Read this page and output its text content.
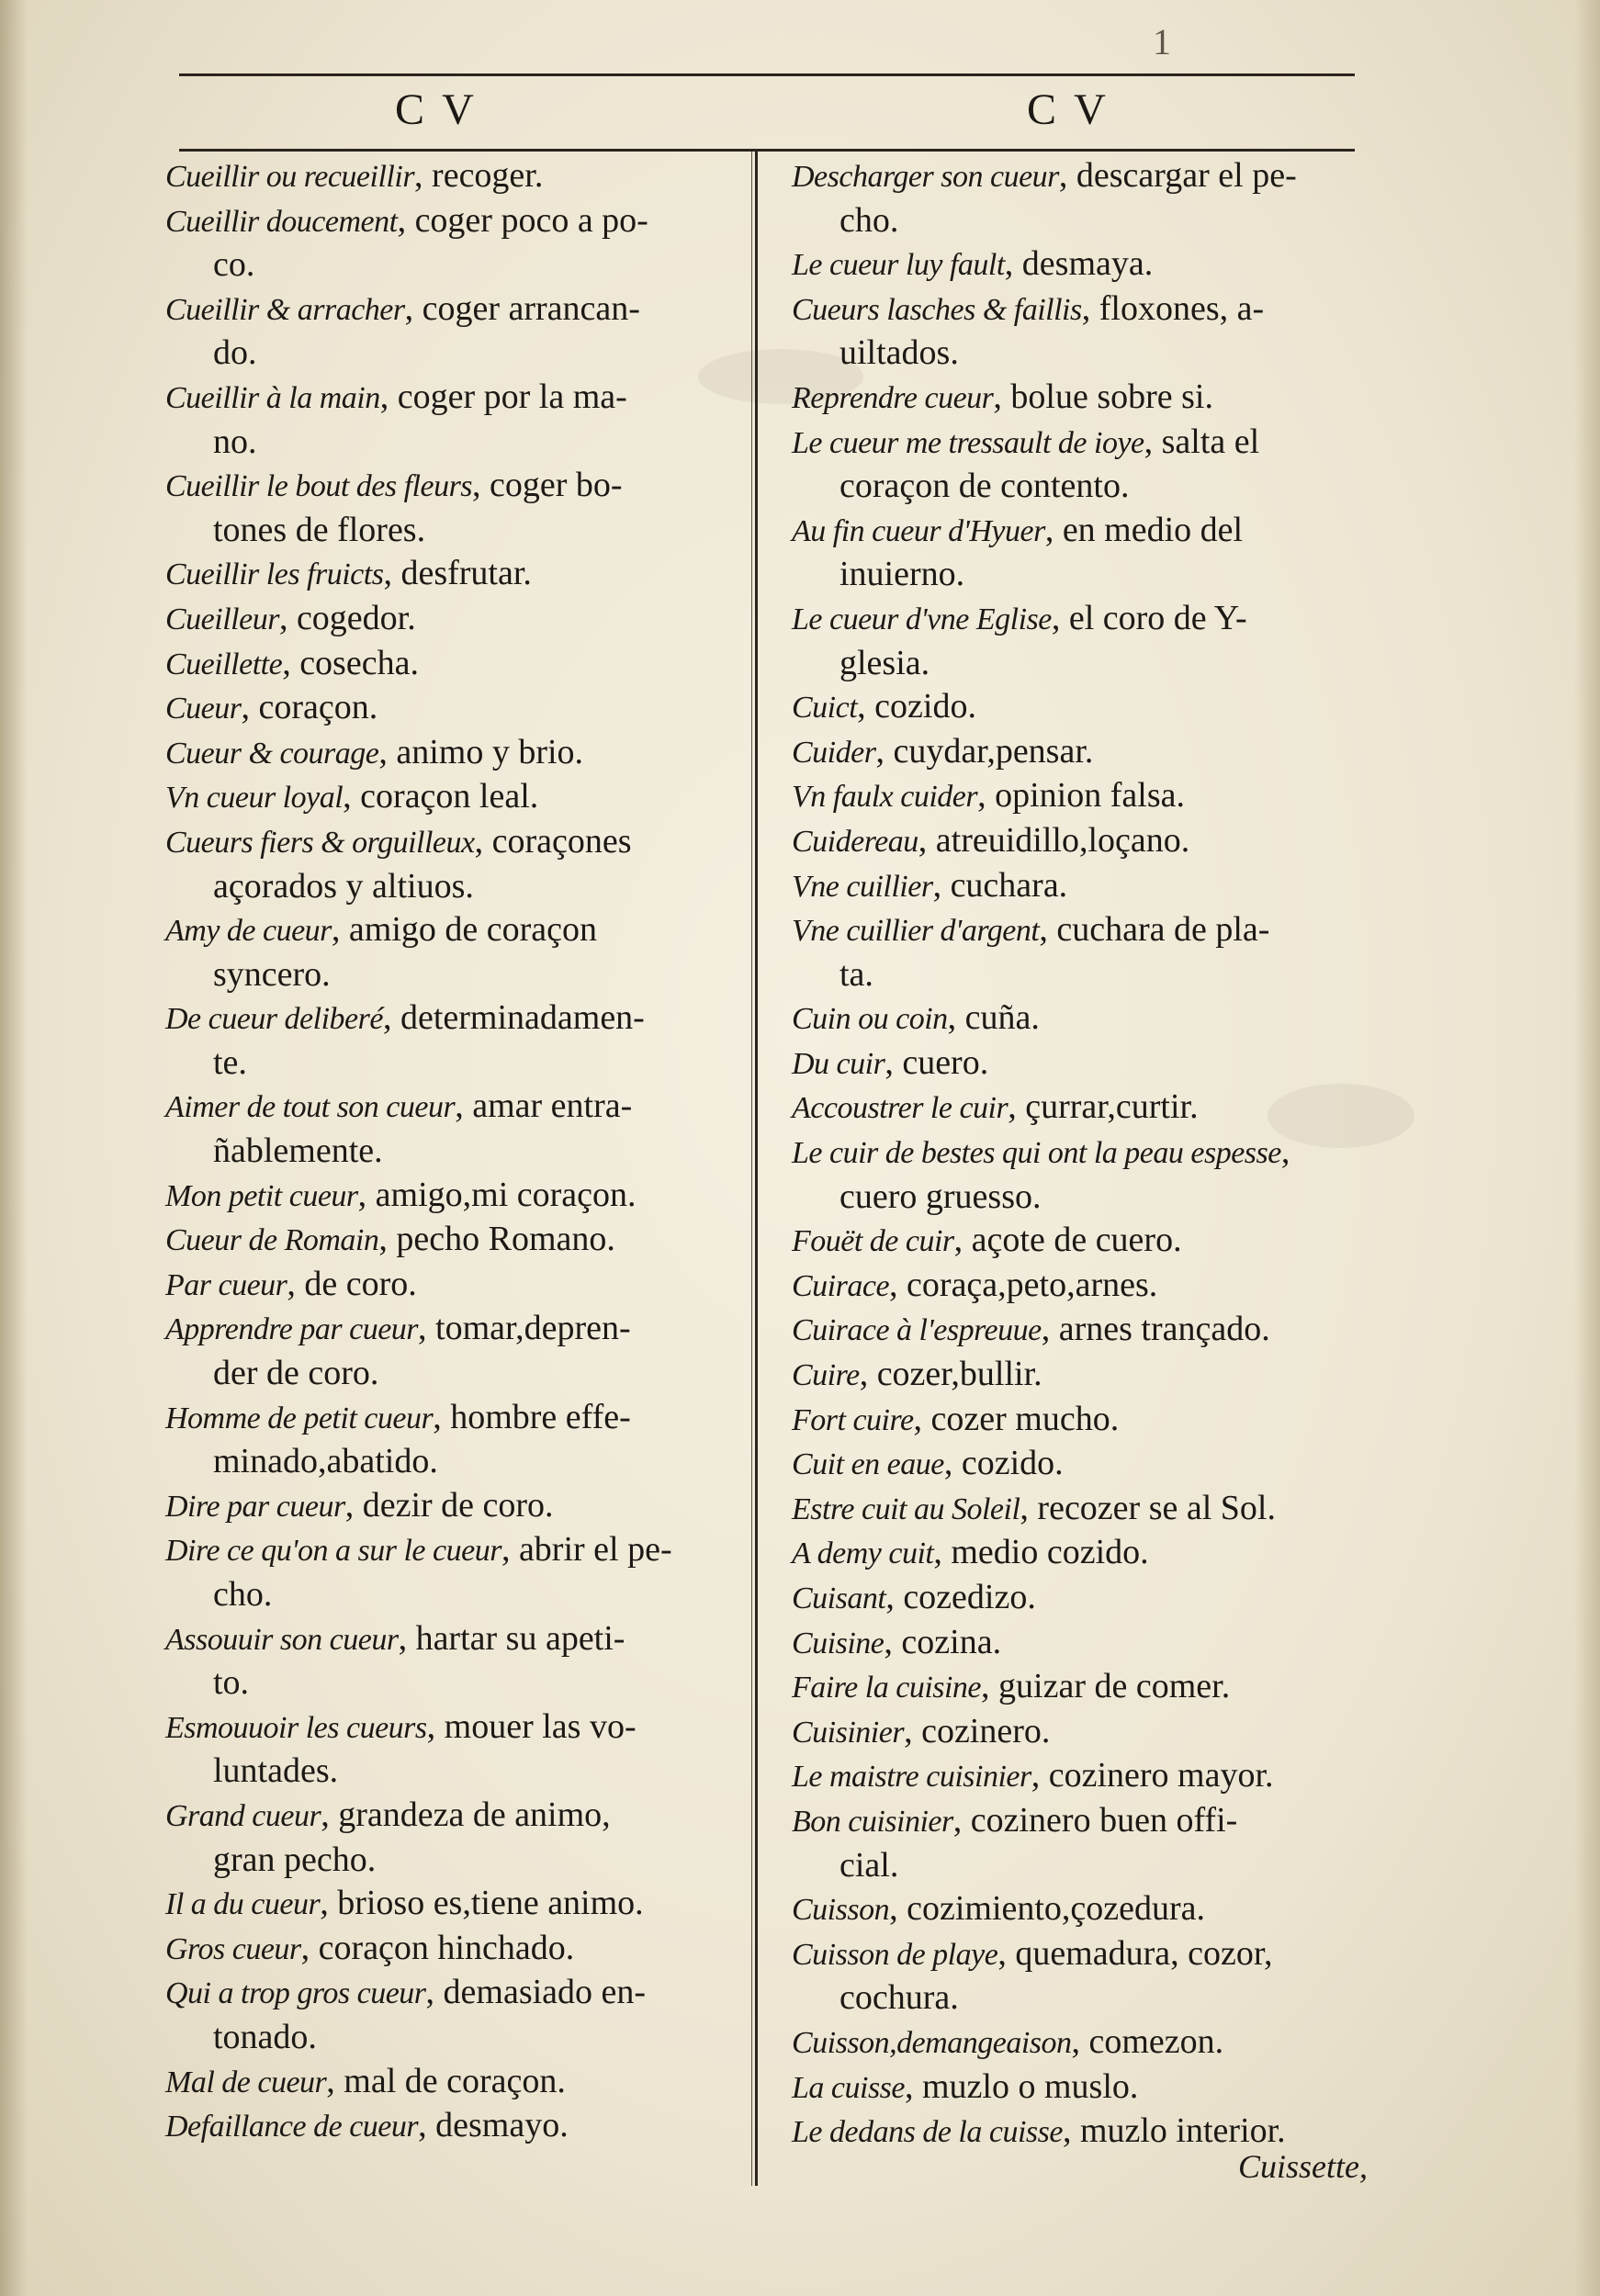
1
C V	C V
Cueillir ou recueillir, recoger.
Cueillir doucement, coger poco a po-
co.
Cueillir & arracher, coger arrancan-
do.
Cueillir à la main, coger por la ma-
no.
Cueillir le bout des fleurs, coger bo-
tones de flores.
Cueillir les fruicts, desfrutar.
Cueilleur, cogedor.
Cueillette, cosecha.
Cueur, coraçon.
Cueur & courage, animo y brio.
Vn cueur loyal, coraçon leal.
Cueurs fiers & orguilleux, coraçones
açorados y altiuos.
Amy de cueur, amigo de coraçon
syncero.
De cueur deliberé, determinadamen-
te.
Aimer de tout son cueur, amar entra-
ñablemente.
Mon petit cueur, amigo,mi coraçon.
Cueur de Romain, pecho Romano.
Par cueur, de coro.
Apprendre par cueur, tomar,depren-
der de coro.
Homme de petit cueur, hombre effe-
minado,abatido.
Dire par cueur, dezir de coro.
Dire ce qu'on a sur le cueur, abrir el pe-
cho.
Assouuir son cueur, hartar su apeti-
to.
Esmouuoir les cueurs, mouer las vo-
luntades.
Grand cueur, grandeza de animo,
gran pecho.
Il a du cueur, brioso es,tiene animo.
Gros cueur, coraçon hinchado.
Qui a trop gros cueur, demasiado en-
tonado.
Mal de cueur, mal de coraçon.
Defaillance de cueur, desmayo.
Descharger son cueur, descargar el pe-
cho.
Le cueur luy fault, desmaya.
Cueurs lasches & faillis, floxones, a-
uiltados.
Reprendre cueur, bolue sobre si.
Le cueur me tressault de ioye, salta el
coraçon de contento.
Au fin cueur d'Hyuer, en medio del
inuierno.
Le cueur d'vne Eglise, el coro de Y-
glesia.
Cuict, cozido.
Cuider, cuydar,pensar.
Vn faulx cuider, opinion falsa.
Cuidereau, atreuidillo,loçano.
Vne cuillier, cuchara.
Vne cuillier d'argent, cuchara de pla-
ta.
Cuin ou coin, cuña.
Du cuir, cuero.
Accoustrer le cuir, çurrar,curtir.
Le cuir de bestes qui ont la peau espesse,
cuero gruesso.
Fouët de cuir, açote de cuero.
Cuirace, coraça,peto,arnes.
Cuirace à l'espreuue, arnes trançado.
Cuire, cozer,bullir.
Fort cuire, cozer mucho.
Cuit en eaue, cozido.
Estre cuit au Soleil, recozer se al Sol.
A demy cuit, medio cozido.
Cuisant, cozedizo.
Cuisine, cozina.
Faire la cuisine, guizar de comer.
Cuisinier, cozinero.
Le maistre cuisinier, cozinero mayor.
Bon cuisinier, cozinero buen offi-
cial.
Cuisson, cozimiento,çozedura.
Cuisson de playe, quemadura, cozor,
cochura.
Cuisson,demangeaison, comezon.
La cuisse, muzlo o muslo.
Le dedans de la cuisse, muzlo interior.
Cuissette,
